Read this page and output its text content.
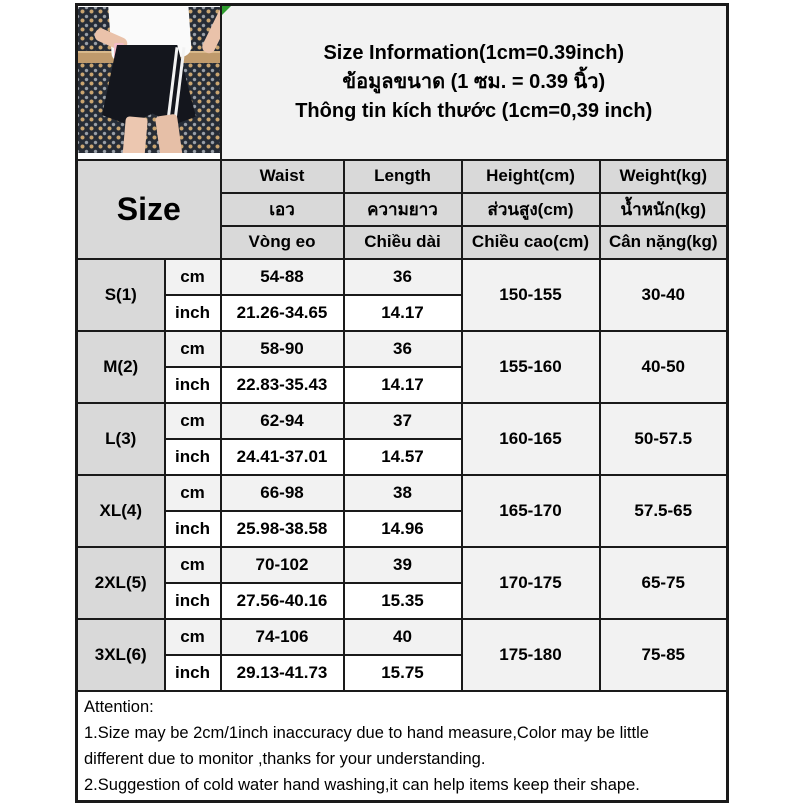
		Size Information(1cm=0.39inch)
ข้อมูลขนาด (1 ซม. = 0.39 นิ้ว)
Thông tin kích thước (1cm=0,39 inch)			

Size		Waist	Length	Height(cm)	Weight(kg)
		เอว	ความยาว	ส่วนสูง(cm)	น้ำหนัก(kg)
		Vòng eo	Chiều dài	Chiều cao(cm)	Cân nặng(kg)
S(1)	cm	54-88	36	150-155	30-40
	inch	21.26-34.65	14.17		
M(2)	cm	58-90	36	155-160	40-50
	inch	22.83-35.43	14.17		
L(3)	cm	62-94	37	160-165	50-57.5
	inch	24.41-37.01	14.57		
XL(4)	cm	66-98	38	165-170	57.5-65
	inch	25.98-38.58	14.96		
2XL(5)	cm	70-102	39	170-175	65-75
	inch	27.56-40.16	15.35		
3XL(6)	cm	74-106	40	175-180	75-85
	inch	29.13-41.73	15.75		

Attention:
1.Size may be 2cm/1inch inaccuracy due to hand measure,Color may be little
different due to monitor ,thanks for your understanding.
2.Suggestion of cold water hand washing,it can help items keep their shape.					
